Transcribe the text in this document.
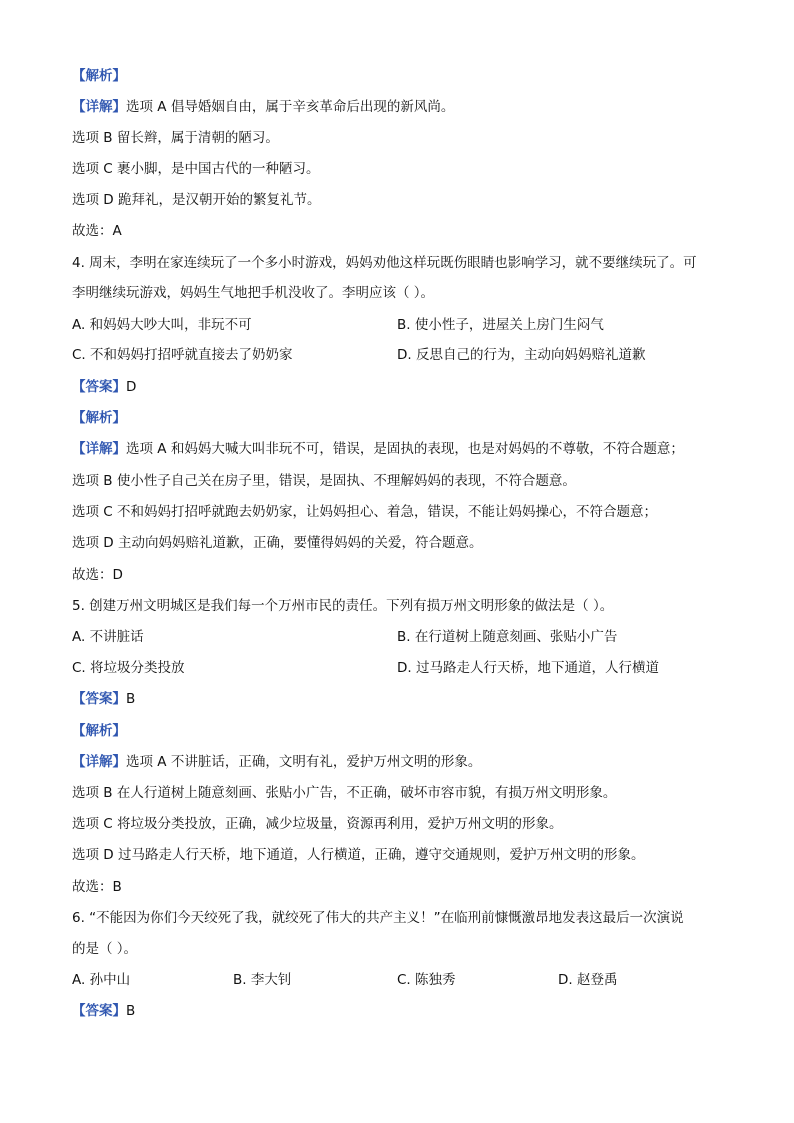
【解析】

【详解】选项 A 倡导婚姻自由，属于辛亥革命后出现的新风尚。

选项 B 留长辫，属于清朝的陋习。

选项 C 裹小脚，是中国古代的一种陋习。

选项 D 跪拜礼，是汉朝开始的繁复礼节。

故选：A

4. 周末，李明在家连续玩了一个多小时游戏，妈妈劝他这样玩既伤眼睛也影响学习，就不要继续玩了。可

李明继续玩游戏，妈妈生气地把手机没收了。李明应该（ ）。

A. 和妈妈大吵大叫，非玩不可	B. 使小性子，进屋关上房门生闷气

C. 不和妈妈打招呼就直接去了奶奶家	D. 反思自己的行为，主动向妈妈赔礼道歉

【答案】D

【解析】

【详解】选项 A 和妈妈大喊大叫非玩不可，错误，是固执的表现，也是对妈妈的不尊敬，不符合题意；

选项 B 使小性子自己关在房子里，错误，是固执、不理解妈妈的表现，不符合题意。

选项 C 不和妈妈打招呼就跑去奶奶家，让妈妈担心、着急，错误，不能让妈妈操心，不符合题意；

选项 D 主动向妈妈赔礼道歉，正确，要懂得妈妈的关爱，符合题意。

故选：D

5. 创建万州文明城区是我们每一个万州市民的责任。下列有损万州文明形象的做法是（ ）。

A. 不讲脏话	B. 在行道树上随意刻画、张贴小广告

C. 将垃圾分类投放	D. 过马路走人行天桥，地下通道，人行横道

【答案】B

【解析】

【详解】选项 A 不讲脏话，正确，文明有礼，爱护万州文明的形象。

选项 B 在人行道树上随意刻画、张贴小广告，不正确，破坏市容市貌，有损万州文明形象。

选项 C 将垃圾分类投放，正确，减少垃圾量，资源再利用，爱护万州文明的形象。

选项 D 过马路走人行天桥，地下通道，人行横道，正确，遵守交通规则，爱护万州文明的形象。

故选：B

6. “不能因为你们今天绞死了我，就绞死了伟大的共产主义！”在临刑前慷慨激昂地发表这最后一次演说

的是（ ）。

A. 孙中山	B. 李大钊	C. 陈独秀	D. 赵登禹

【答案】B
